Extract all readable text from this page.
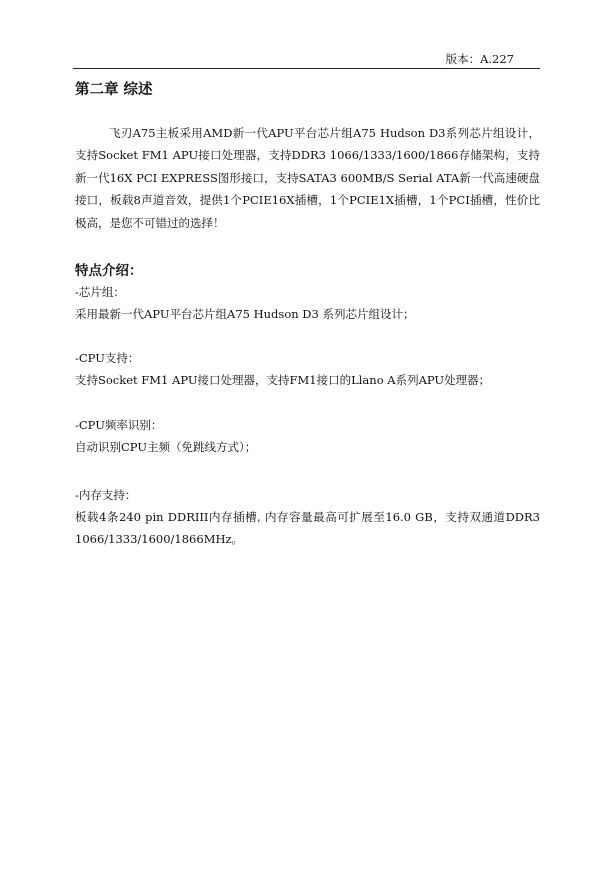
版本：A.227
第二章 综述

飞刃A75主板采用AMD新一代APU平台芯片组A75 Hudson D3系列芯片组设计，支持Socket FM1 APU接口处理器，支持DDR3 1066/1333/1600/1866存储架构，支持新一代16X PCI EXPRESS图形接口，支持SATA3 600MB/S Serial ATA新一代高速硬盘接口，板载8声道音效，提供1个PCIE16X插槽，1个PCIE1X插槽，1个PCI插槽，性价比极高，是您不可错过的选择！

特点介绍：
-芯片组：
采用最新一代APU平台芯片组A75 Hudson D3 系列芯片组设计；
-CPU支持：
支持Socket FM1 APU接口处理器，支持FM1接口的Llano A系列APU处理器；
-CPU频率识别：
自动识别CPU主频（免跳线方式）；
-内存支持：
板载4条240 pin DDRIII内存插槽, 内存容量最高可扩展至16.0 GB，支持双通道DDR3 1066/1333/1600/1866MHz。
